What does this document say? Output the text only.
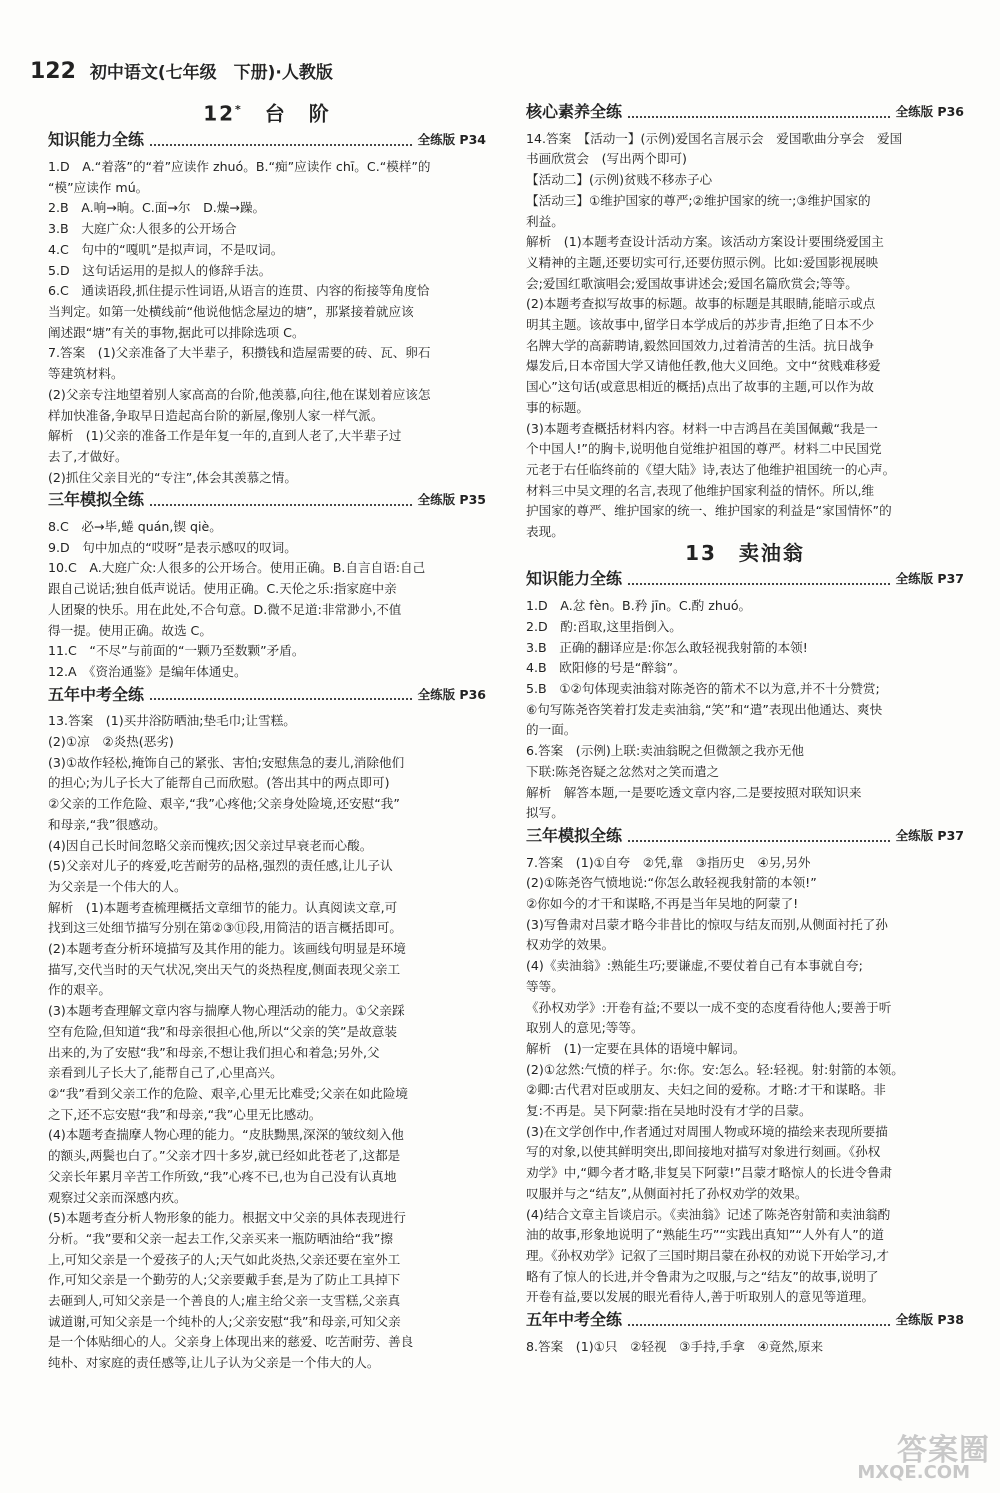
122 初中语文(七年级　下册)·人教版
12*　台　阶
知识能力全练	全练版 P34

1.D　A.“着落”的“着”应读作 zhuó。B.“痴”应读作 chī。C.“模样”的

“模”应读作 mú。

2.B　A.响→晌。C.面→尔　D.燥→躁。

3.B　大庭广众:人很多的公开场合

4.C　句中的“嘎叽”是拟声词，不是叹词。

5.D　这句话运用的是拟人的修辞手法。

6.C　通读语段,抓住提示性词语,从语言的连贯、内容的衔接等角度恰

当判定。如第一处横线前“他说他惦念屋边的塘”，那紧接着就应该

阐述跟“塘”有关的事物,据此可以排除选项 C。

7.答案　(1)父亲准备了大半辈子，积攒钱和造屋需要的砖、瓦、卵石

等建筑材料。

(2)父亲专注地望着别人家高高的台阶,他羡慕,向往,他在谋划着应该怎

样加快准备,争取早日造起高台阶的新屋,像别人家一样气派。

解析　(1)父亲的准备工作是年复一年的,直到人老了,大半辈子过

去了,才做好。

(2)抓住父亲目光的“专注”,体会其羡慕之情。

三年模拟全练	全练版 P35

8.C　必→毕,蜷 quán,锲 qiè。

9.D　句中加点的“哎呀”是表示感叹的叹词。

10.C　A.大庭广众:人很多的公开场合。使用正确。B.自言自语:自己

跟自己说话;独自低声说话。使用正确。C.天伦之乐:指家庭中亲

人团聚的快乐。用在此处,不合句意。D.微不足道:非常渺小,不值

得一提。使用正确。故选 C。

11.C　“不尽”与前面的“一颗乃至数颗”矛盾。

12.A　《资治通鉴》是编年体通史。

五年中考全练	全练版 P36

13.答案　(1)买井浴防晒油;垫毛巾;让雪糕。

(2)①凉　②炎热(恶劣)

(3)①故作轻松,掩饰自己的紧张、害怕;安慰焦急的妻儿,消除他们

的担心;为儿子长大了能帮自己而欣慰。(答出其中的两点即可)

②父亲的工作危险、艰辛,“我”心疼他;父亲身处险境,还安慰“我”

和母亲,“我”很感动。

(4)因自己长时间忽略父亲而愧疚;因父亲过早衰老而心酸。

(5)父亲对儿子的疼爱,吃苦耐劳的品格,强烈的责任感,让儿子认

为父亲是一个伟大的人。

解析　(1)本题考查梳理概括文章细节的能力。认真阅读文章,可

找到这三处细节描写分别在第②③⑪段,用简洁的语言概括即可。

(2)本题考查分析环境描写及其作用的能力。该画线句明显是环境

描写,交代当时的天气状况,突出天气的炎热程度,侧面表现父亲工

作的艰辛。

(3)本题考查理解文章内容与揣摩人物心理活动的能力。①父亲踩

空有危险,但知道“我”和母亲很担心他,所以“父亲的笑”是故意装

出来的,为了安慰“我”和母亲,不想让我们担心和着急;另外,父

亲看到儿子长大了,能帮自己了,心里高兴。

②“我”看到父亲工作的危险、艰辛,心里无比难受;父亲在如此险境

之下,还不忘安慰“我”和母亲,“我”心里无比感动。

(4)本题考查揣摩人物心理的能力。“皮肤黝黑,深深的皱纹刻入他

的额头,两鬓也白了。”父亲才四十多岁,就已经如此苍老了,这都是

父亲长年累月辛苦工作所致,“我”心疼不已,也为自己没有认真地

观察过父亲而深感内疚。

(5)本题考查分析人物形象的能力。根据文中父亲的具体表现进行

分析。“我”要和父亲一起去工作,父亲买来一瓶防晒油给“我”擦

上,可知父亲是一个爱孩子的人;天气如此炎热,父亲还要在室外工

作,可知父亲是一个勤劳的人;父亲要戴手套,是为了防止工具掉下

去砸到人,可知父亲是一个善良的人;雇主给父亲一支雪糕,父亲真

诚道谢,可知父亲是一个纯朴的人;父亲安慰“我”和母亲,可知父亲

是一个体贴细心的人。父亲身上体现出来的慈爱、吃苦耐劳、善良

纯朴、对家庭的责任感等,让儿子认为父亲是一个伟大的人。

核心素养全练	全练版 P36

14.答案　【活动一】(示例)爱国名言展示会　爱国歌曲分享会　爱国

书画欣赏会　(写出两个即可)

【活动二】(示例)贫贱不移赤子心

【活动三】①维护国家的尊严;②维护国家的统一;③维护国家的

利益。

解析　(1)本题考查设计活动方案。该活动方案设计要围绕爱国主

义精神的主题,还要切实可行,还要仿照示例。比如:爱国影视展映

会;爱国红歌演唱会;爱国故事讲述会;爱国名篇欣赏会;等等。

(2)本题考查拟写故事的标题。故事的标题是其眼睛,能暗示或点

明其主题。该故事中,留学日本学成后的苏步青,拒绝了日本不少

名牌大学的高薪聘请,毅然回国效力,过着清苦的生活。抗日战争

爆发后,日本帝国大学又请他任教,他大义回绝。文中“贫贱难移爱

国心”这句话(或意思相近的概括)点出了故事的主题,可以作为故

事的标题。

(3)本题考查概括材料内容。材料一中吉鸿昌在美国佩戴“我是一

个中国人!”的胸卡,说明他自觉维护祖国的尊严。材料二中民国党

元老于右任临终前的《望大陆》诗,表达了他维护祖国统一的心声。

材料三中吴文理的名言,表现了他维护国家利益的情怀。所以,维

护国家的尊严、维护国家的统一、维护国家的利益是“家国情怀”的

表现。

13　卖油翁
知识能力全练	全练版 P37

1.D　A.忿 fèn。B.矜 jīn。C.酌 zhuó。

2.D　酌:舀取,这里指倒入。

3.B　正确的翻译应是:你怎么敢轻视我射箭的本领!

4.B　欧阳修的号是“醉翁”。

5.B　①②句体现卖油翁对陈尧咨的箭术不以为意,并不十分赞赏;

⑥句写陈尧咨笑着打发走卖油翁,“笑”和“遣”表现出他通达、爽快

的一面。

6.答案　(示例)上联:卖油翁睨之但微颔之我亦无他

下联:陈尧咨疑之忿然对之笑而遣之

解析　解答本题,一是要吃透文章内容,二是要按照对联知识来

拟写。

三年模拟全练	全练版 P37

7.答案　(1)①自夸　②凭,靠　③指历史　④另,另外

(2)①陈尧咨气愤地说:“你怎么敢轻视我射箭的本领!”

②你如今的才干和谋略,不再是当年吴地的阿蒙了!

(3)写鲁肃对吕蒙才略今非昔比的惊叹与结友而别,从侧面衬托了孙

权劝学的效果。

(4)《卖油翁》:熟能生巧;要谦虚,不要仗着自己有本事就自夸;

等等。

《孙权劝学》:开卷有益;不要以一成不变的态度看待他人;要善于听

取别人的意见;等等。

解析　(1)一定要在具体的语境中解词。

(2)①忿然:气愤的样子。尔:你。安:怎么。轻:轻视。射:射箭的本领。

②卿:古代君对臣或朋友、夫妇之间的爱称。才略:才干和谋略。非

复:不再是。吴下阿蒙:指在吴地时没有才学的吕蒙。

(3)在文学创作中,作者通过对周围人物或环境的描绘来表现所要描

写的对象,以使其鲜明突出,即间接地对描写对象进行刻画。《孙权

劝学》中,“卿今者才略,非复吴下阿蒙!”吕蒙才略惊人的长进令鲁肃

叹服并与之“结友”,从侧面衬托了孙权劝学的效果。

(4)结合文章主旨谈启示。《卖油翁》记述了陈尧咨射箭和卖油翁酌

油的故事,形象地说明了“熟能生巧”“实践出真知”“人外有人”的道

理。《孙权劝学》记叙了三国时期吕蒙在孙权的劝说下开始学习,才

略有了惊人的长进,并令鲁肃为之叹服,与之“结友”的故事,说明了

开卷有益,要以发展的眼光看待人,善于听取别人的意见等道理。

五年中考全练	全练版 P38

8.答案　(1)①只　②轻视　③手持,手拿　④竟然,原来

答案圈
MXQE.COM
